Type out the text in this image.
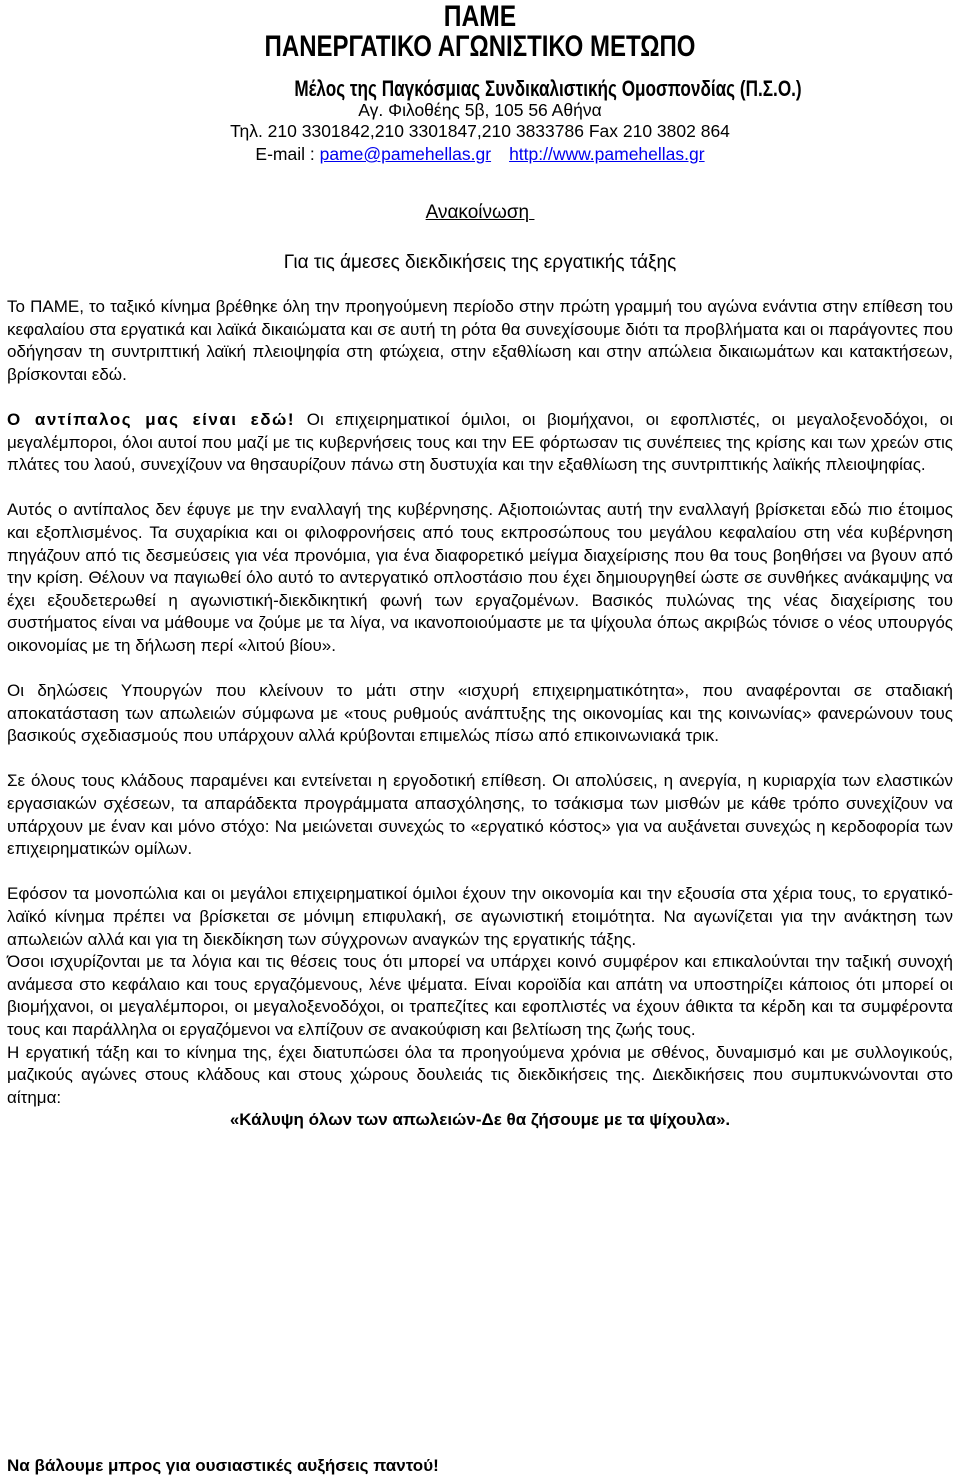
ΠΑΜΕ
ΠΑΝΕΡΓΑΤΙΚΟ ΑΓΩΝΙΣΤΙΚΟ ΜΕΤΩΠΟ
Μέλος της Παγκόσμιας Συνδικαλιστικής Ομοσπονδίας (Π.Σ.Ο.)
Αγ. Φιλοθέης 5β, 105 56 Αθήνα
Τηλ. 210 3301842,210 3301847,210 3833786 Fax 210 3802 864
E-mail : pame@pamehellas.gr http://www.pamehellas.gr
Ανακοίνωση
Για τις άμεσες διεκδικήσεις της εργατικής τάξης

Το ΠΑΜΕ, το ταξικό κίνημα βρέθηκε όλη την προηγούμενη περίοδο στην πρώτη γραμμή του αγώνα ενάντια στην επίθεση του κεφαλαίου στα εργατικά και λαϊκά δικαιώματα και σε αυτή τη ρότα θα συνεχίσουμε διότι τα προβλήματα και οι παράγοντες που οδήγησαν τη συντριπτική λαϊκή πλειοψηφία στη φτώχεια, στην εξαθλίωση και στην απώλεια δικαιωμάτων και κατακτήσεων, βρίσκονται εδώ.

Ο αντίπαλος μας είναι εδώ! Οι επιχειρηματικοί όμιλοι, οι βιομήχανοι, οι εφοπλιστές, οι μεγαλοξενοδόχοι, οι μεγαλέμποροι, όλοι αυτοί που μαζί με τις κυβερνήσεις τους και την ΕΕ φόρτωσαν τις συνέπειες της κρίσης και των χρεών στις πλάτες του λαού, συνεχίζουν να θησαυρίζουν πάνω στη δυστυχία και την εξαθλίωση της συντριπτικής λαϊκής πλειοψηφίας.

Αυτός ο αντίπαλος δεν έφυγε με την εναλλαγή της κυβέρνησης. Αξιοποιώντας αυτή την εναλλαγή βρίσκεται εδώ πιο έτοιμος και εξοπλισμένος. Τα συχαρίκια και οι φιλοφρονήσεις από τους εκπροσώπους του μεγάλου κεφαλαίου στη νέα κυβέρνηση πηγάζουν από τις δεσμεύσεις για νέα προνόμια, για ένα διαφορετικό μείγμα διαχείρισης που θα τους βοηθήσει να βγουν από την κρίση. Θέλουν να παγιωθεί όλο αυτό το αντεργατικό οπλοστάσιο που έχει δημιουργηθεί ώστε σε συνθήκες ανάκαμψης να έχει εξουδετερωθεί η αγωνιστική-διεκδικητική φωνή των εργαζομένων. Βασικός πυλώνας της νέας διαχείρισης του συστήματος είναι να μάθουμε να ζούμε με τα λίγα, να ικανοποιούμαστε με τα ψίχουλα όπως ακριβώς τόνισε ο νέος υπουργός οικονομίας με τη δήλωση περί «λιτού βίου».

Οι δηλώσεις Υπουργών που κλείνουν το μάτι στην «ισχυρή επιχειρηματικότητα», που αναφέρονται σε σταδιακή αποκατάσταση των απωλειών σύμφωνα με «τους ρυθμούς ανάπτυξης της οικονομίας και της κοινωνίας» φανερώνουν τους βασικούς σχεδιασμούς που υπάρχουν αλλά κρύβονται επιμελώς πίσω από επικοινωνιακά τρικ.

Σε όλους τους κλάδους παραμένει και εντείνεται η εργοδοτική επίθεση. Οι απολύσεις, η ανεργία, η κυριαρχία των ελαστικών εργασιακών σχέσεων, τα απαράδεκτα προγράμματα απασχόλησης, το τσάκισμα των μισθών με κάθε τρόπο συνεχίζουν να υπάρχουν με έναν και μόνο στόχο: Να μειώνεται συνεχώς το «εργατικό κόστος» για να αυξάνεται συνεχώς η κερδοφορία των επιχειρηματικών ομίλων.

Εφόσον τα μονοπώλια και οι μεγάλοι επιχειρηματικοί όμιλοι έχουν την οικονομία και την εξουσία στα χέρια τους, το εργατικό-λαϊκό κίνημα πρέπει να βρίσκεται σε μόνιμη επιφυλακή, σε αγωνιστική ετοιμότητα. Να αγωνίζεται για την ανάκτηση των απωλειών αλλά και για τη διεκδίκηση των σύγχρονων αναγκών της εργατικής τάξης.

Όσοι ισχυρίζονται με τα λόγια και τις θέσεις τους ότι μπορεί να υπάρχει κοινό συμφέρον και επικαλούνται την ταξική συνοχή ανάμεσα στο κεφάλαιο και τους εργαζόμενους, λένε ψέματα. Είναι κοροϊδία και απάτη να υποστηρίζει κάποιος ότι μπορεί οι βιομήχανοι, οι μεγαλέμποροι, οι μεγαλοξενοδόχοι, οι τραπεζίτες και εφοπλιστές να έχουν άθικτα τα κέρδη και τα συμφέροντα τους και παράλληλα οι εργαζόμενοι να ελπίζουν σε ανακούφιση και βελτίωση της ζωής τους.

Η εργατική τάξη και το κίνημα της, έχει διατυπώσει όλα τα προηγούμενα χρόνια με σθένος, δυναμισμό και με συλλογικούς, μαζικούς αγώνες στους κλάδους και στους χώρους δουλειάς τις διεκδικήσεις της. Διεκδικήσεις που συμπυκνώνονται στο αίτημα:

«Κάλυψη όλων των απωλειών-Δε θα ζήσουμε με τα ψίχουλα».

Να βάλουμε μπρος για ουσιαστικές αυξήσεις παντού!
